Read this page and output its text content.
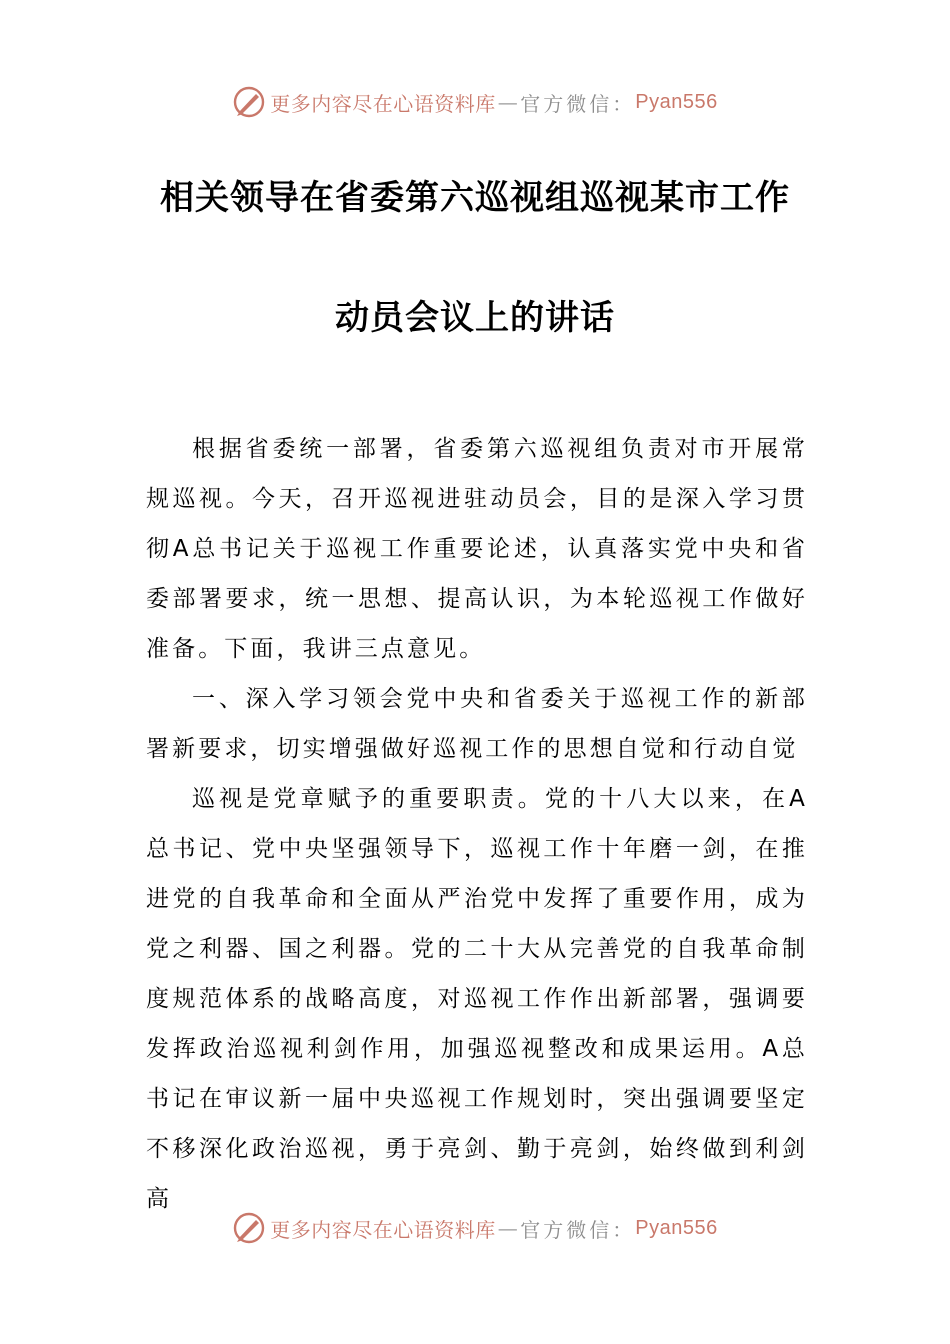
更多内容尽在心语资料库 — 官方微信： Pyan556
相关领导在省委第六巡视组巡视某市工作
动员会议上的讲话

根据省委统一部署，省委第六巡视组负责对市开展常规巡视。今天，召开巡视进驻动员会，目的是深入学习贯彻A总书记关于巡视工作重要论述，认真落实党中央和省委部署要求，统一思想、提高认识，为本轮巡视工作做好准备。下面，我讲三点意见。

一、深入学习领会党中央和省委关于巡视工作的新部署新要求，切实增强做好巡视工作的思想自觉和行动自觉

巡视是党章赋予的重要职责。党的十八大以来，在A总书记、党中央坚强领导下，巡视工作十年磨一剑，在推进党的自我革命和全面从严治党中发挥了重要作用，成为党之利器、国之利器。党的二十大从完善党的自我革命制度规范体系的战略高度，对巡视工作作出新部署，强调要发挥政治巡视利剑作用，加强巡视整改和成果运用。A总书记在审议新一届中央巡视工作规划时，突出强调要坚定不移深化政治巡视，勇于亮剑、勤于亮剑，始终做到利剑高

更多内容尽在心语资料库 — 官方微信： Pyan556
